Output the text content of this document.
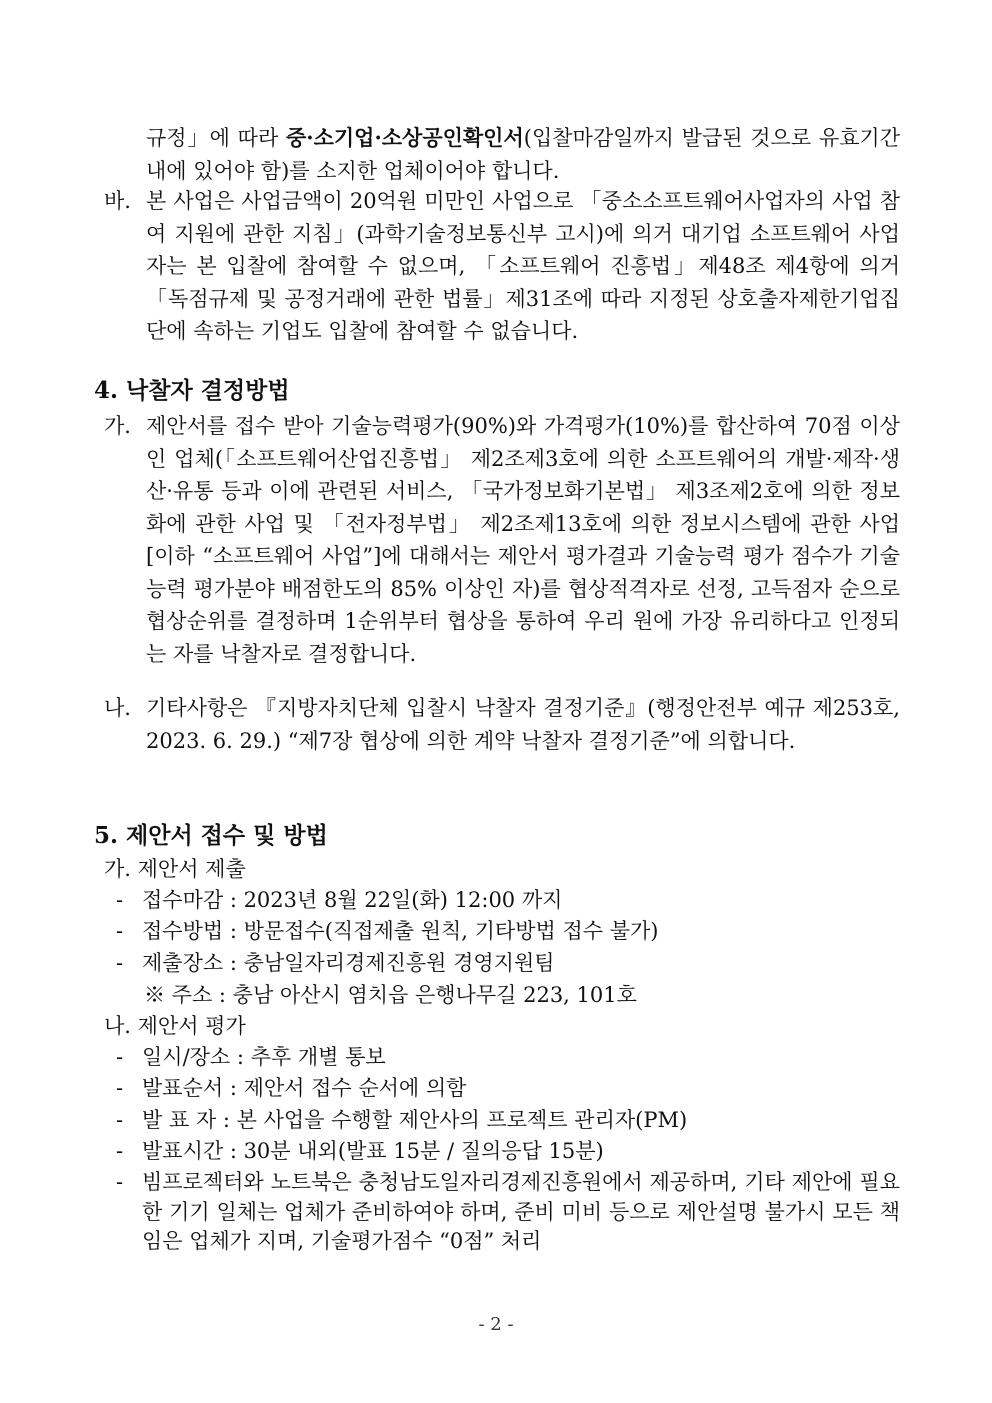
규정」에 따라 중·소기업·소상공인확인서(입찰마감일까지 발급된 것으로 유효기간 내에 있어야 함)를 소지한 업체이어야 합니다.
바. 본 사업은 사업금액이 20억원 미만인 사업으로 「중소소프트웨어사업자의 사업 참여 지원에 관한 지침」(과학기술정보통신부 고시)에 의거 대기업 소프트웨어 사업자는 본 입찰에 참여할 수 없으며, 「소프트웨어 진흥법」제48조 제4항에 의거 「독점규제 및 공정거래에 관한 법률」제31조에 따라 지정된 상호출자제한기업집단에 속하는 기업도 입찰에 참여할 수 없습니다.
4. 낙찰자 결정방법
가. 제안서를 접수 받아 기술능력평가(90%)와 가격평가(10%)를 합산하여 70점 이상인 업체(「소프트웨어산업진흥법」 제2조제3호에 의한 소프트웨어의 개발·제작·생산·유통 등과 이에 관련된 서비스, 「국가정보화기본법」 제3조제2호에 의한 정보화에 관한 사업 및 「전자정부법」 제2조제13호에 의한 정보시스템에 관한 사업[이하 “소프트웨어 사업”]에 대해서는 제안서 평가결과 기술능력 평가 점수가 기술능력 평가분야 배점한도의 85% 이상인 자)를 협상적격자로 선정, 고득점자 순으로 협상순위를 결정하며 1순위부터 협상을 통하여 우리 원에 가장 유리하다고 인정되는 자를 낙찰자로 결정합니다.
나. 기타사항은 『지방자치단체 입찰시 낙찰자 결정기준』(행정안전부 예규 제253호, 2023. 6. 29.) “제7장 협상에 의한 계약 낙찰자 결정기준”에 의합니다.
5. 제안서 접수 및 방법
가. 제안서 제출
- 접수마감 : 2023년 8월 22일(화) 12:00 까지
- 접수방법 : 방문접수(직접제출 원칙, 기타방법 접수 불가)
- 제출장소 : 충남일자리경제진흥원 경영지원팀
※ 주소 : 충남 아산시 염치읍 은행나무길 223, 101호
나. 제안서 평가
- 일시/장소 : 추후 개별 통보
- 발표순서 : 제안서 접수 순서에 의함
- 발 표 자 : 본 사업을 수행할 제안사의 프로젝트 관리자(PM)
- 발표시간 : 30분 내외(발표 15분 / 질의응답 15분)
- 빔프로젝터와 노트북은 충청남도일자리경제진흥원에서 제공하며, 기타 제안에 필요한 기기 일체는 업체가 준비하여야 하며, 준비 미비 등으로 제안설명 불가시 모든 책임은 업체가 지며, 기술평가점수 “0점” 처리
- 2 -
